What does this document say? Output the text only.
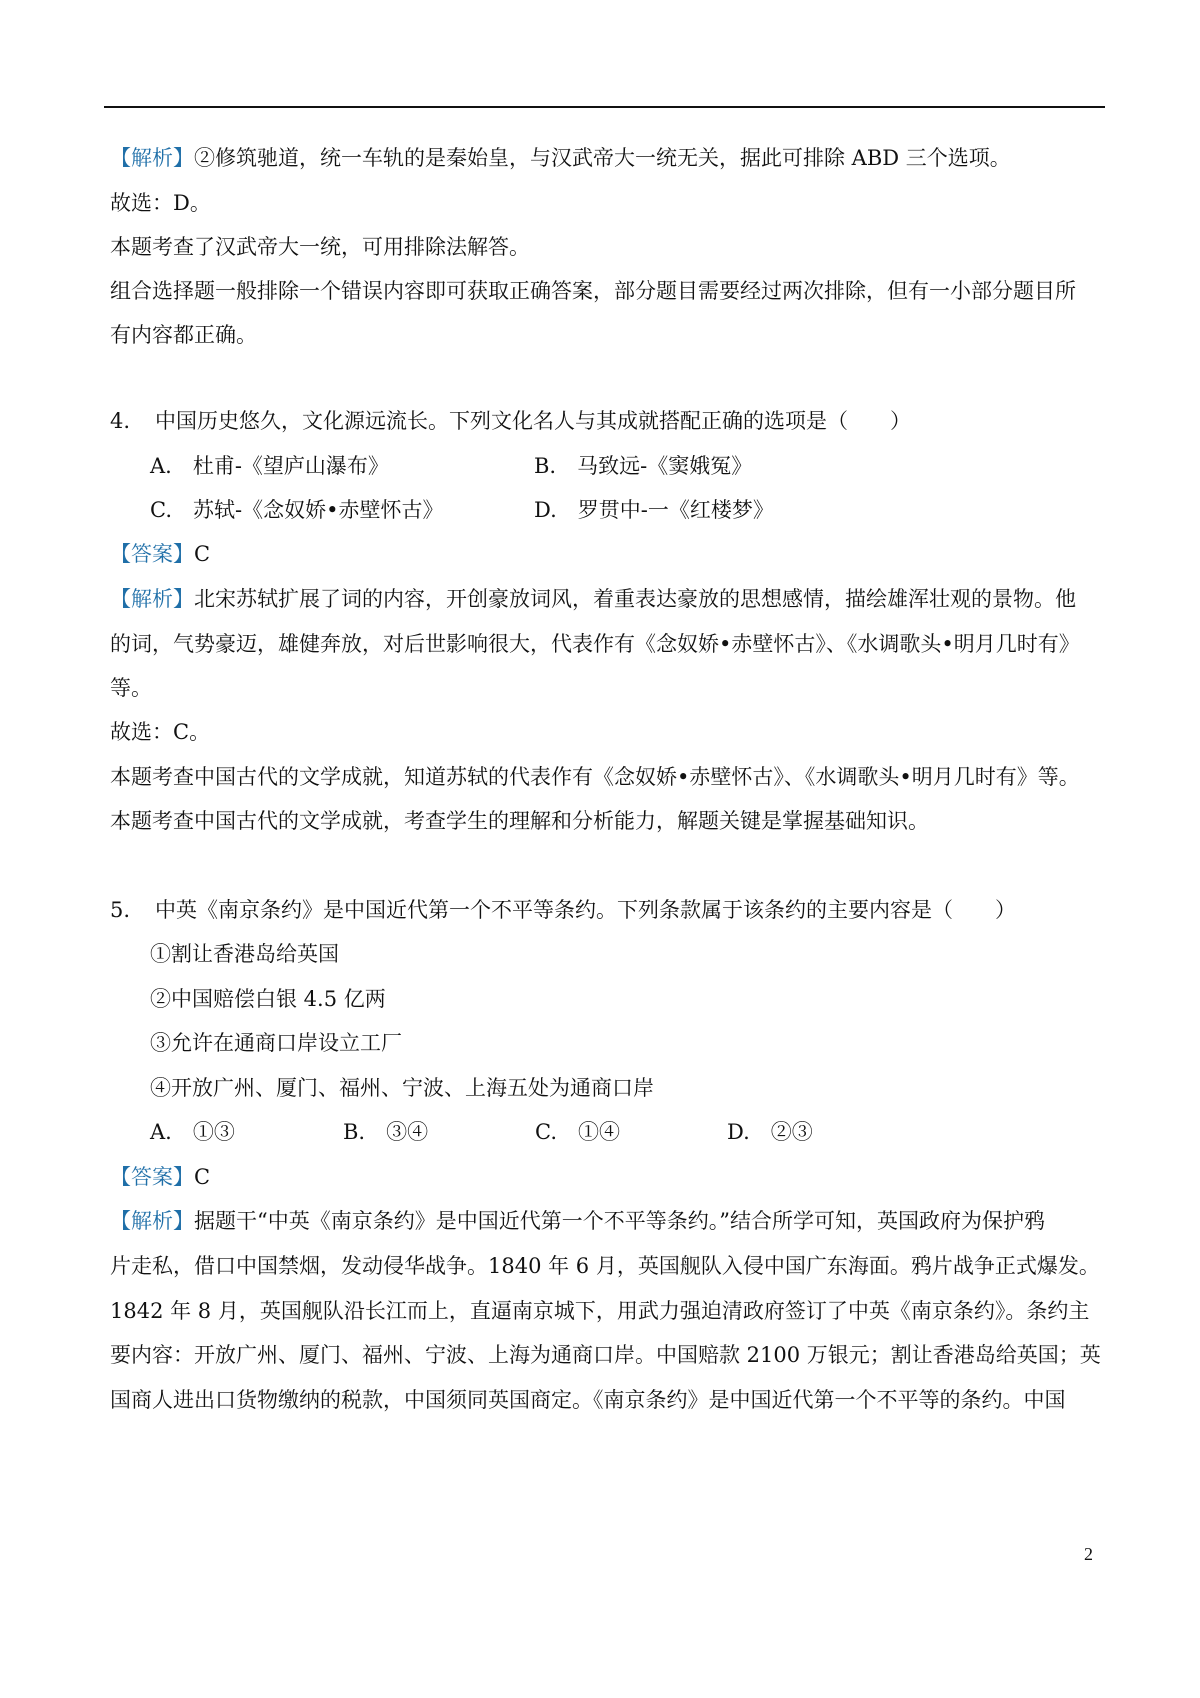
【解析】②修筑驰道，统一车轨的是秦始皇，与汉武帝大一统无关，据此可排除 ABD 三个选项。
故选：D。
本题考查了汉武帝大一统，可用排除法解答。
组合选择题一般排除一个错误内容即可获取正确答案，部分题目需要经过两次排除，但有一小部分题目所
有内容都正确。
4. 中国历史悠久，文化源远流长。下列文化名人与其成就搭配正确的选项是（　　）
A.　杜甫-《望庐山瀑布》	B.　马致远-《窦娥冤》
C.　苏轼-《念奴娇•赤壁怀古》	D.　罗贯中-一《红楼梦》
【答案】C
【解析】北宋苏轼扩展了词的内容，开创豪放词风，着重表达豪放的思想感情，描绘雄浑壮观的景物。他
的词，气势豪迈，雄健奔放，对后世影响很大，代表作有《念奴娇•赤壁怀古》、《水调歌头•明月几时有》
等。
故选：C。
本题考查中国古代的文学成就，知道苏轼的代表作有《念奴娇•赤壁怀古》、《水调歌头•明月几时有》等。
本题考查中国古代的文学成就，考查学生的理解和分析能力，解题关键是掌握基础知识。
5. 中英《南京条约》是中国近代第一个不平等条约。下列条款属于该条约的主要内容是（　　）
①割让香港岛给英国
②中国赔偿白银 4.5 亿两
③允许在通商口岸设立工厂
④开放广州、厦门、福州、宁波、上海五处为通商口岸
A.　①③	B.　③④	C.　①④	D.　②③
【答案】C
【解析】据题干“中英《南京条约》是中国近代第一个不平等条约。”结合所学可知，英国政府为保护鸦
片走私，借口中国禁烟，发动侵华战争。1840 年 6 月，英国舰队入侵中国广东海面。鸦片战争正式爆发。
1842 年 8 月，英国舰队沿长江而上，直逼南京城下，用武力强迫清政府签订了中英《南京条约》。条约主
要内容：开放广州、厦门、福州、宁波、上海为通商口岸。中国赔款 2100 万银元；割让香港岛给英国；英
国商人进出口货物缴纳的税款，中国须同英国商定。《南京条约》是中国近代第一个不平等的条约。中国
2
